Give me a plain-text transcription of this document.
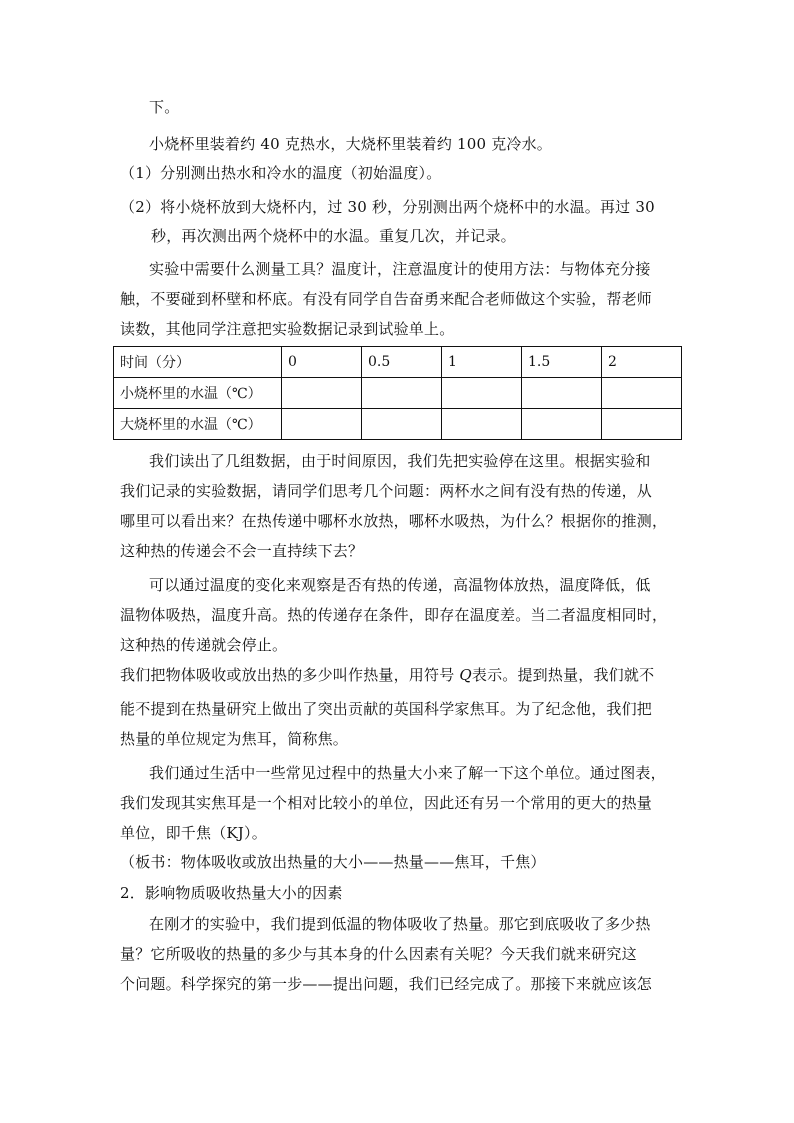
下。
小烧杯里装着约 40 克热水，大烧杯里装着约 100 克冷水。
（1）分别测出热水和冷水的温度（初始温度）。
（2）将小烧杯放到大烧杯内，过 30 秒，分别测出两个烧杯中的水温。再过 30
秒，再次测出两个烧杯中的水温。重复几次，并记录。
实验中需要什么测量工具？温度计，注意温度计的使用方法：与物体充分接
触，不要碰到杯壁和杯底。有没有同学自告奋勇来配合老师做这个实验，帮老师
读数，其他同学注意把实验数据记录到试验单上。
时间（分）	0	0.5	1	1.5	2
小烧杯里的水温（℃）					
大烧杯里的水温（℃）					
我们读出了几组数据，由于时间原因，我们先把实验停在这里。根据实验和
我们记录的实验数据，请同学们思考几个问题：两杯水之间有没有热的传递，从
哪里可以看出来？在热传递中哪杯水放热，哪杯水吸热，为什么？根据你的推测，
这种热的传递会不会一直持续下去？
可以通过温度的变化来观察是否有热的传递，高温物体放热，温度降低，低
温物体吸热，温度升高。热的传递存在条件，即存在温度差。当二者温度相同时，
这种热的传递就会停止。
我们把物体吸收或放出热的多少叫作热量，用符号 Q表示。提到热量，我们就不
能不提到在热量研究上做出了突出贡献的英国科学家焦耳。为了纪念他，我们把
热量的单位规定为焦耳，简称焦。
我们通过生活中一些常见过程中的热量大小来了解一下这个单位。通过图表，
我们发现其实焦耳是一个相对比较小的单位，因此还有另一个常用的更大的热量
单位，即千焦（KJ）。
（板书：物体吸收或放出热量的大小——热量——焦耳，千焦）
2．影响物质吸收热量大小的因素
在刚才的实验中，我们提到低温的物体吸收了热量。那它到底吸收了多少热
量？它所吸收的热量的多少与其本身的什么因素有关呢？今天我们就来研究这
个问题。科学探究的第一步——提出问题，我们已经完成了。那接下来就应该怎
